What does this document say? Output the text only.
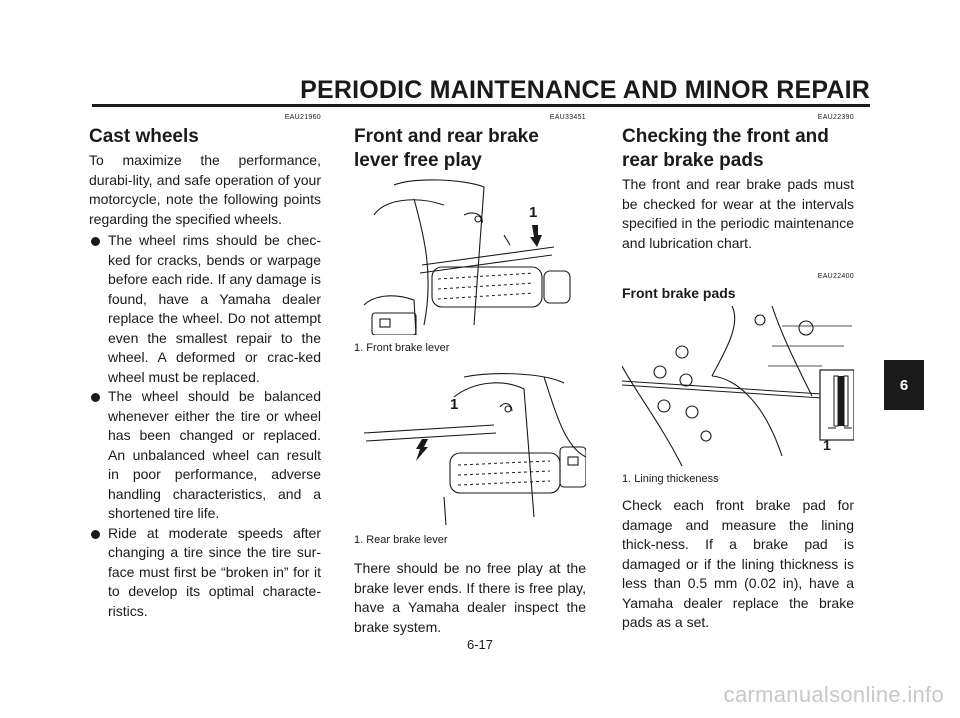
PERIODIC MAINTENANCE AND MINOR REPAIR
EAU21960
Cast wheels

To maximize the performance, durabi-lity, and safe operation of your motorcycle, note the following points regarding the specified wheels.

The wheel rims should be chec-ked for cracks, bends or warpage before each ride. If any damage is found, have a Yamaha dealer replace the wheel. Do not attempt even the smallest repair to the wheel. A deformed or crac-ked wheel must be replaced.
The wheel should be balanced whenever either the tire or wheel has been changed or replaced. An unbalanced wheel can result in poor performance, adverse handling characteristics, and a shortened tire life.
Ride at moderate speeds after changing a tire since the tire sur-face must first be “broken in” for it to develop its optimal characte-ristics.
EAU33451
Front and rear brake lever free play
1
1. Front brake lever
1
1. Rear brake lever

There should be no free play at the brake lever ends. If there is free play, have a Yamaha dealer inspect the brake system.

EAU22390
Checking the front and rear brake pads

The front and rear brake pads must be checked for wear at the intervals specified in the periodic maintenance and lubrication chart.

EAU22400
Front brake pads
1
1. Lining thickeness

Check each front brake pad for damage and measure the lining thick-ness. If a brake pad is damaged or if the lining thickness is less than 0.5 mm (0.02 in), have a Yamaha dealer replace the brake pads as a set.

6
6-17
carmanualsonline.info
